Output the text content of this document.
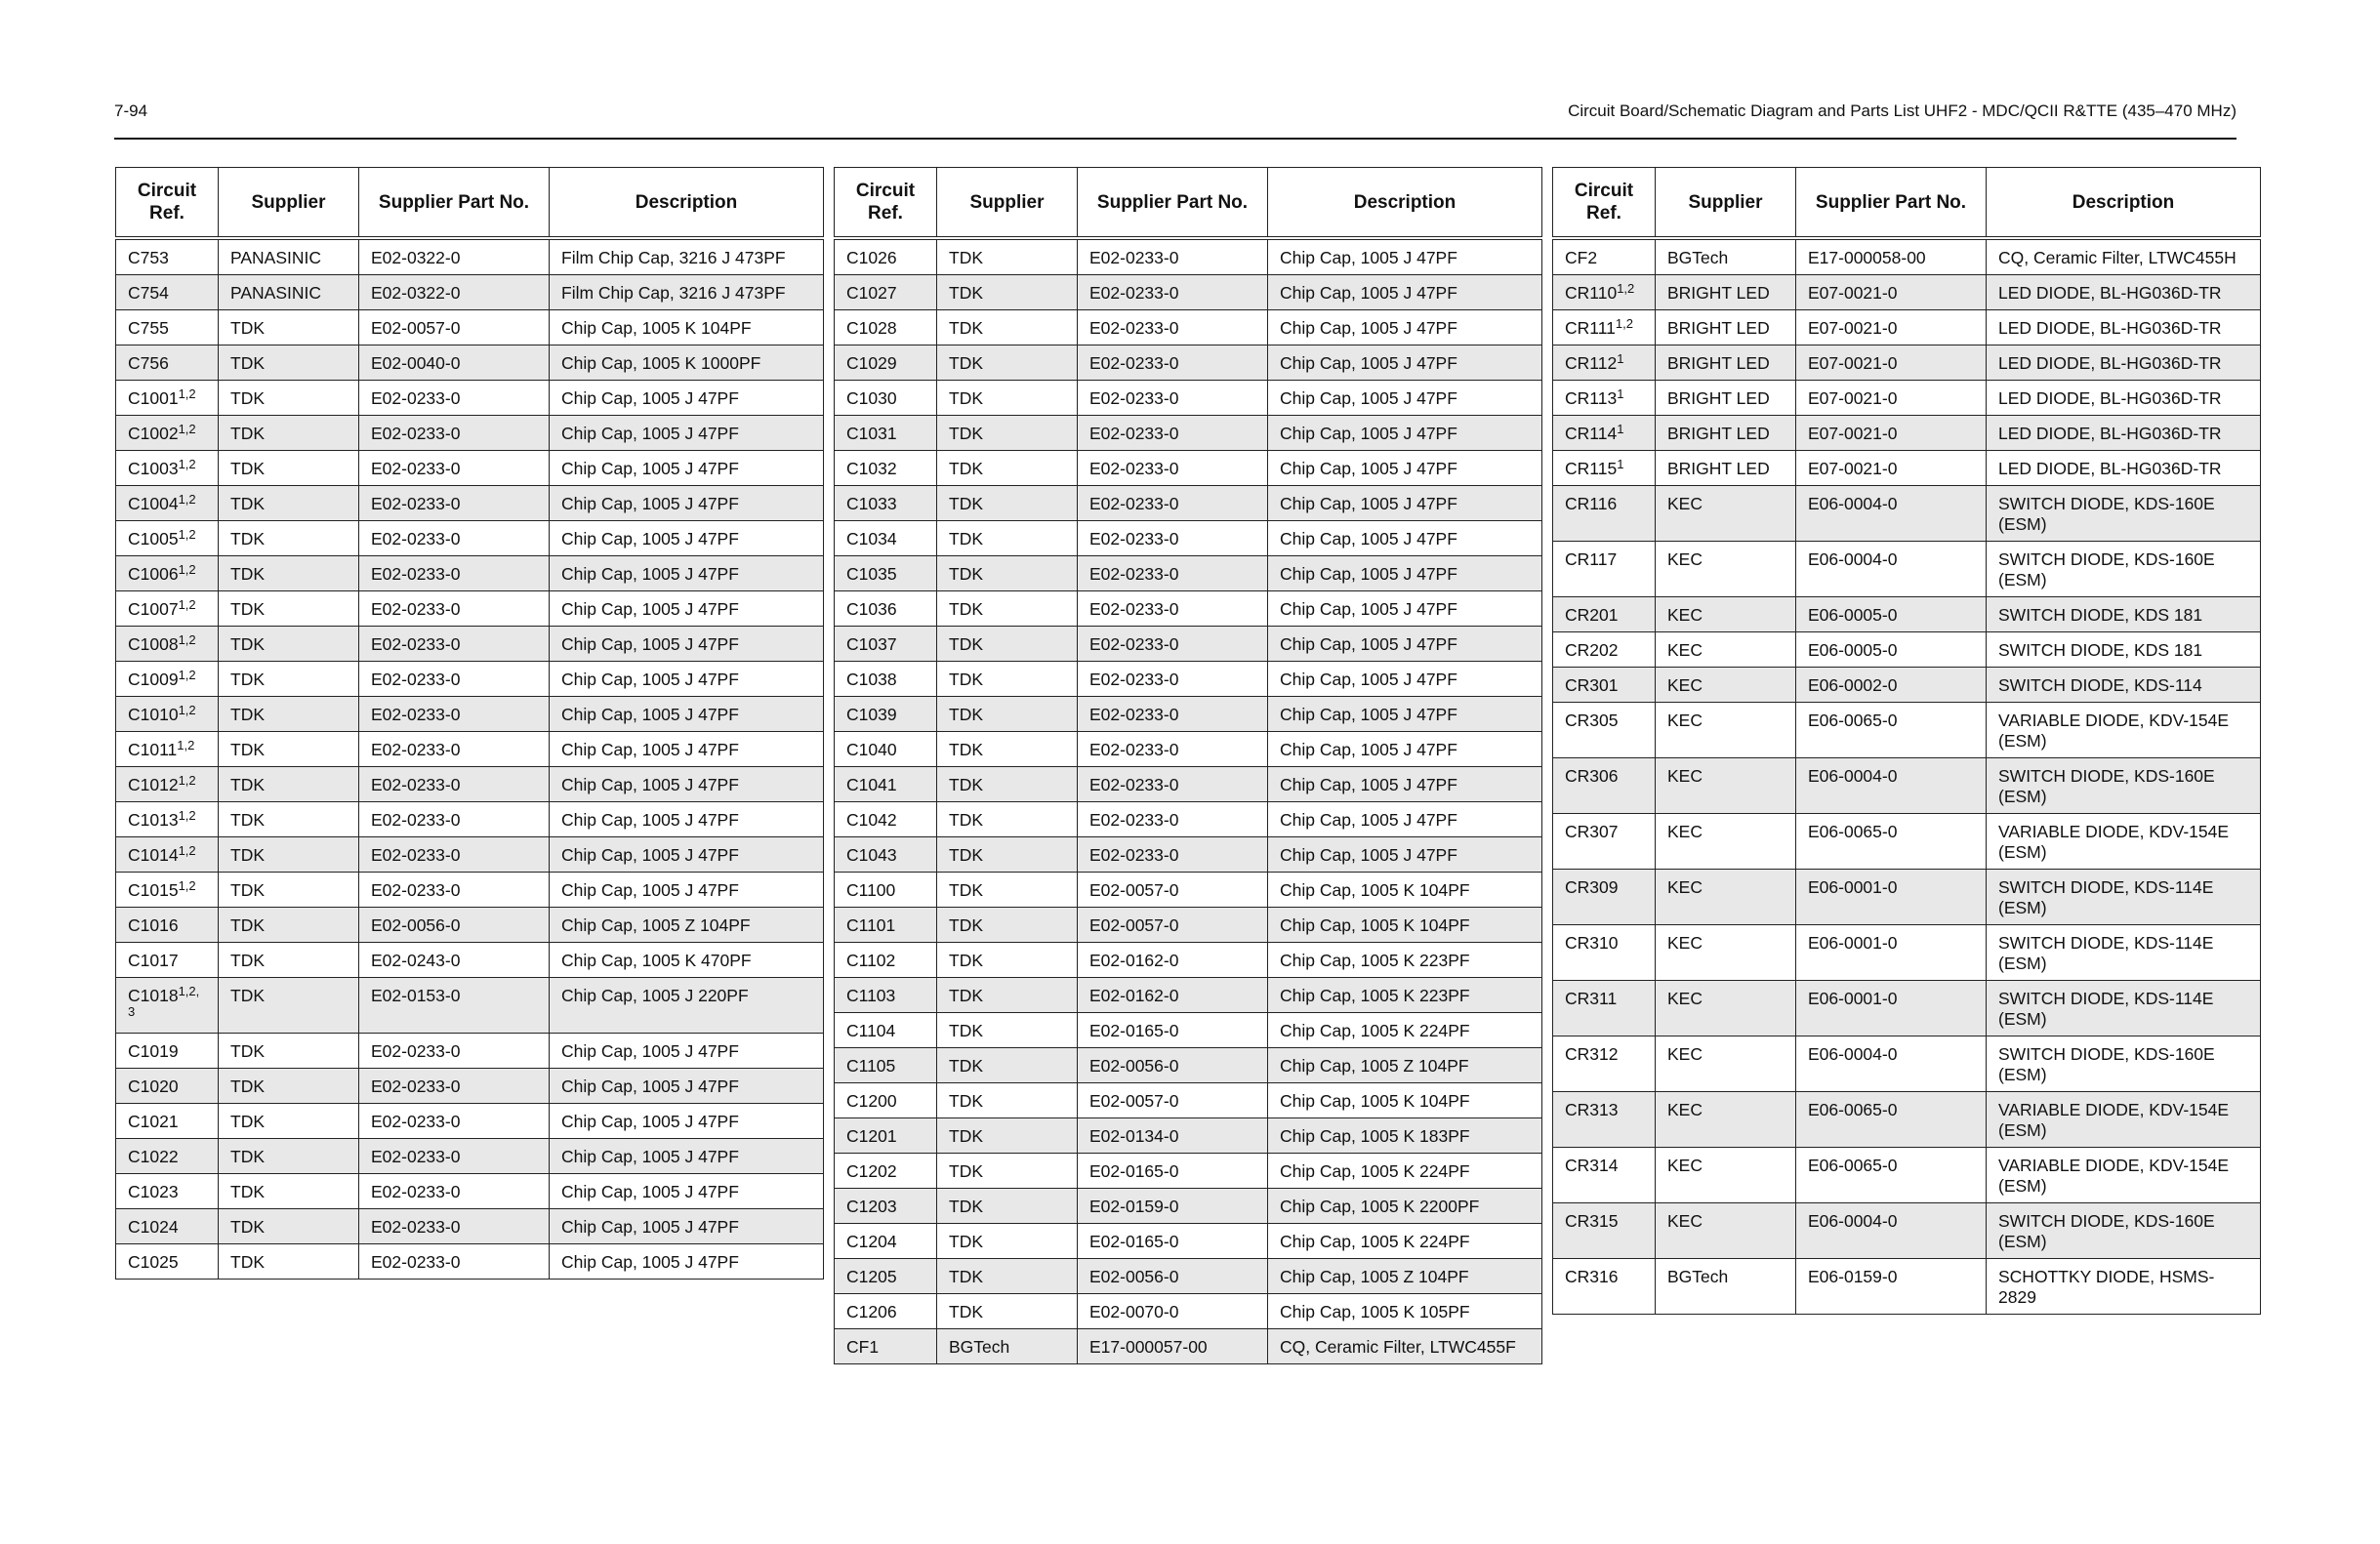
7-94	Circuit Board/Schematic Diagram and Parts List UHF2 - MDC/QCII R&TTE (435–470 MHz)
Circuit Ref.	Supplier	Supplier Part No.	Description
C753	PANASINIC	E02-0322-0	Film Chip Cap, 3216 J 473PF
C754	PANASINIC	E02-0322-0	Film Chip Cap, 3216 J 473PF
C755	TDK	E02-0057-0	Chip Cap, 1005 K 104PF
C756	TDK	E02-0040-0	Chip Cap, 1005 K 1000PF
C1001$^{1,2}$	TDK	E02-0233-0	Chip Cap, 1005 J 47PF
C1002$^{1,2}$	TDK	E02-0233-0	Chip Cap, 1005 J 47PF
C1003$^{1,2}$	TDK	E02-0233-0	Chip Cap, 1005 J 47PF
C1004$^{1,2}$	TDK	E02-0233-0	Chip Cap, 1005 J 47PF
C1005$^{1,2}$	TDK	E02-0233-0	Chip Cap, 1005 J 47PF
C1006$^{1,2}$	TDK	E02-0233-0	Chip Cap, 1005 J 47PF
C1007$^{1,2}$	TDK	E02-0233-0	Chip Cap, 1005 J 47PF
C1008$^{1,2}$	TDK	E02-0233-0	Chip Cap, 1005 J 47PF
C1009$^{1,2}$	TDK	E02-0233-0	Chip Cap, 1005 J 47PF
C1010$^{1,2}$	TDK	E02-0233-0	Chip Cap, 1005 J 47PF
C1011$^{1,2}$	TDK	E02-0233-0	Chip Cap, 1005 J 47PF
C1012$^{1,2}$	TDK	E02-0233-0	Chip Cap, 1005 J 47PF
C1013$^{1,2}$	TDK	E02-0233-0	Chip Cap, 1005 J 47PF
C1014$^{1,2}$	TDK	E02-0233-0	Chip Cap, 1005 J 47PF
C1015$^{1,2}$	TDK	E02-0233-0	Chip Cap, 1005 J 47PF
C1016	TDK	E02-0056-0	Chip Cap, 1005 Z 104PF
C1017	TDK	E02-0243-0	Chip Cap, 1005 K 470PF
C1018$^{1,2, 3}$	TDK	E02-0153-0	Chip Cap, 1005 J 220PF
C1019	TDK	E02-0233-0	Chip Cap, 1005 J 47PF
C1020	TDK	E02-0233-0	Chip Cap, 1005 J 47PF
C1021	TDK	E02-0233-0	Chip Cap, 1005 J 47PF
C1022	TDK	E02-0233-0	Chip Cap, 1005 J 47PF
C1023	TDK	E02-0233-0	Chip Cap, 1005 J 47PF
C1024	TDK	E02-0233-0	Chip Cap, 1005 J 47PF
C1025	TDK	E02-0233-0	Chip Cap, 1005 J 47PF
Circuit Ref.	Supplier	Supplier Part No.	Description
C1026	TDK	E02-0233-0	Chip Cap, 1005 J 47PF
C1027	TDK	E02-0233-0	Chip Cap, 1005 J 47PF
C1028	TDK	E02-0233-0	Chip Cap, 1005 J 47PF
C1029	TDK	E02-0233-0	Chip Cap, 1005 J 47PF
C1030	TDK	E02-0233-0	Chip Cap, 1005 J 47PF
C1031	TDK	E02-0233-0	Chip Cap, 1005 J 47PF
C1032	TDK	E02-0233-0	Chip Cap, 1005 J 47PF
C1033	TDK	E02-0233-0	Chip Cap, 1005 J 47PF
C1034	TDK	E02-0233-0	Chip Cap, 1005 J 47PF
C1035	TDK	E02-0233-0	Chip Cap, 1005 J 47PF
C1036	TDK	E02-0233-0	Chip Cap, 1005 J 47PF
C1037	TDK	E02-0233-0	Chip Cap, 1005 J 47PF
C1038	TDK	E02-0233-0	Chip Cap, 1005 J 47PF
C1039	TDK	E02-0233-0	Chip Cap, 1005 J 47PF
C1040	TDK	E02-0233-0	Chip Cap, 1005 J 47PF
C1041	TDK	E02-0233-0	Chip Cap, 1005 J 47PF
C1042	TDK	E02-0233-0	Chip Cap, 1005 J 47PF
C1043	TDK	E02-0233-0	Chip Cap, 1005 J 47PF
C1100	TDK	E02-0057-0	Chip Cap, 1005 K 104PF
C1101	TDK	E02-0057-0	Chip Cap, 1005 K 104PF
C1102	TDK	E02-0162-0	Chip Cap, 1005 K 223PF
C1103	TDK	E02-0162-0	Chip Cap, 1005 K 223PF
C1104	TDK	E02-0165-0	Chip Cap, 1005 K 224PF
C1105	TDK	E02-0056-0	Chip Cap, 1005 Z 104PF
C1200	TDK	E02-0057-0	Chip Cap, 1005 K 104PF
C1201	TDK	E02-0134-0	Chip Cap, 1005 K 183PF
C1202	TDK	E02-0165-0	Chip Cap, 1005 K 224PF
C1203	TDK	E02-0159-0	Chip Cap, 1005 K 2200PF
C1204	TDK	E02-0165-0	Chip Cap, 1005 K 224PF
C1205	TDK	E02-0056-0	Chip Cap, 1005 Z 104PF
C1206	TDK	E02-0070-0	Chip Cap, 1005 K 105PF
CF1	BGTech	E17-000057-00	CQ, Ceramic Filter, LTWC455F
Circuit Ref.	Supplier	Supplier Part No.	Description
CF2	BGTech	E17-000058-00	CQ, Ceramic Filter, LTWC455H
CR110$^{1,2}$	BRIGHT LED	E07-0021-0	LED DIODE, BL-HG036D-TR
CR111$^{1,2}$	BRIGHT LED	E07-0021-0	LED DIODE, BL-HG036D-TR
$CR112^1$	BRIGHT LED	E07-0021-0	LED DIODE, BL-HG036D-TR
$CR113^1$	BRIGHT LED	E07-0021-0	LED DIODE, BL-HG036D-TR
$CR114^1$	BRIGHT LED	E07-0021-0	LED DIODE, BL-HG036D-TR
$CR115^1$	BRIGHT LED	E07-0021-0	LED DIODE, BL-HG036D-TR
CR116	KEC	E06-0004-0	SWITCH DIODE, KDS-160E (ESM)
CR117	KEC	E06-0004-0	SWITCH DIODE, KDS-160E (ESM)
CR201	KEC	E06-0005-0	SWITCH DIODE, KDS 181
CR202	KEC	E06-0005-0	SWITCH DIODE, KDS 181
CR301	KEC	E06-0002-0	SWITCH DIODE, KDS-114
CR305	KEC	E06-0065-0	VARIABLE DIODE, KDV-154E (ESM)
CR306	KEC	E06-0004-0	SWITCH DIODE, KDS-160E (ESM)
CR307	KEC	E06-0065-0	VARIABLE DIODE, KDV-154E (ESM)
CR309	KEC	E06-0001-0	SWITCH DIODE, KDS-114E (ESM)
CR310	KEC	E06-0001-0	SWITCH DIODE, KDS-114E (ESM)
CR311	KEC	E06-0001-0	SWITCH DIODE, KDS-114E (ESM)
CR312	KEC	E06-0004-0	SWITCH DIODE, KDS-160E (ESM)
CR313	KEC	E06-0065-0	VARIABLE DIODE, KDV-154E (ESM)
CR314	KEC	E06-0065-0	VARIABLE DIODE, KDV-154E (ESM)
CR315	KEC	E06-0004-0	SWITCH DIODE, KDS-160E (ESM)
CR316	BGTech	E06-0159-0	SCHOTTKY DIODE, HSMS-2829
